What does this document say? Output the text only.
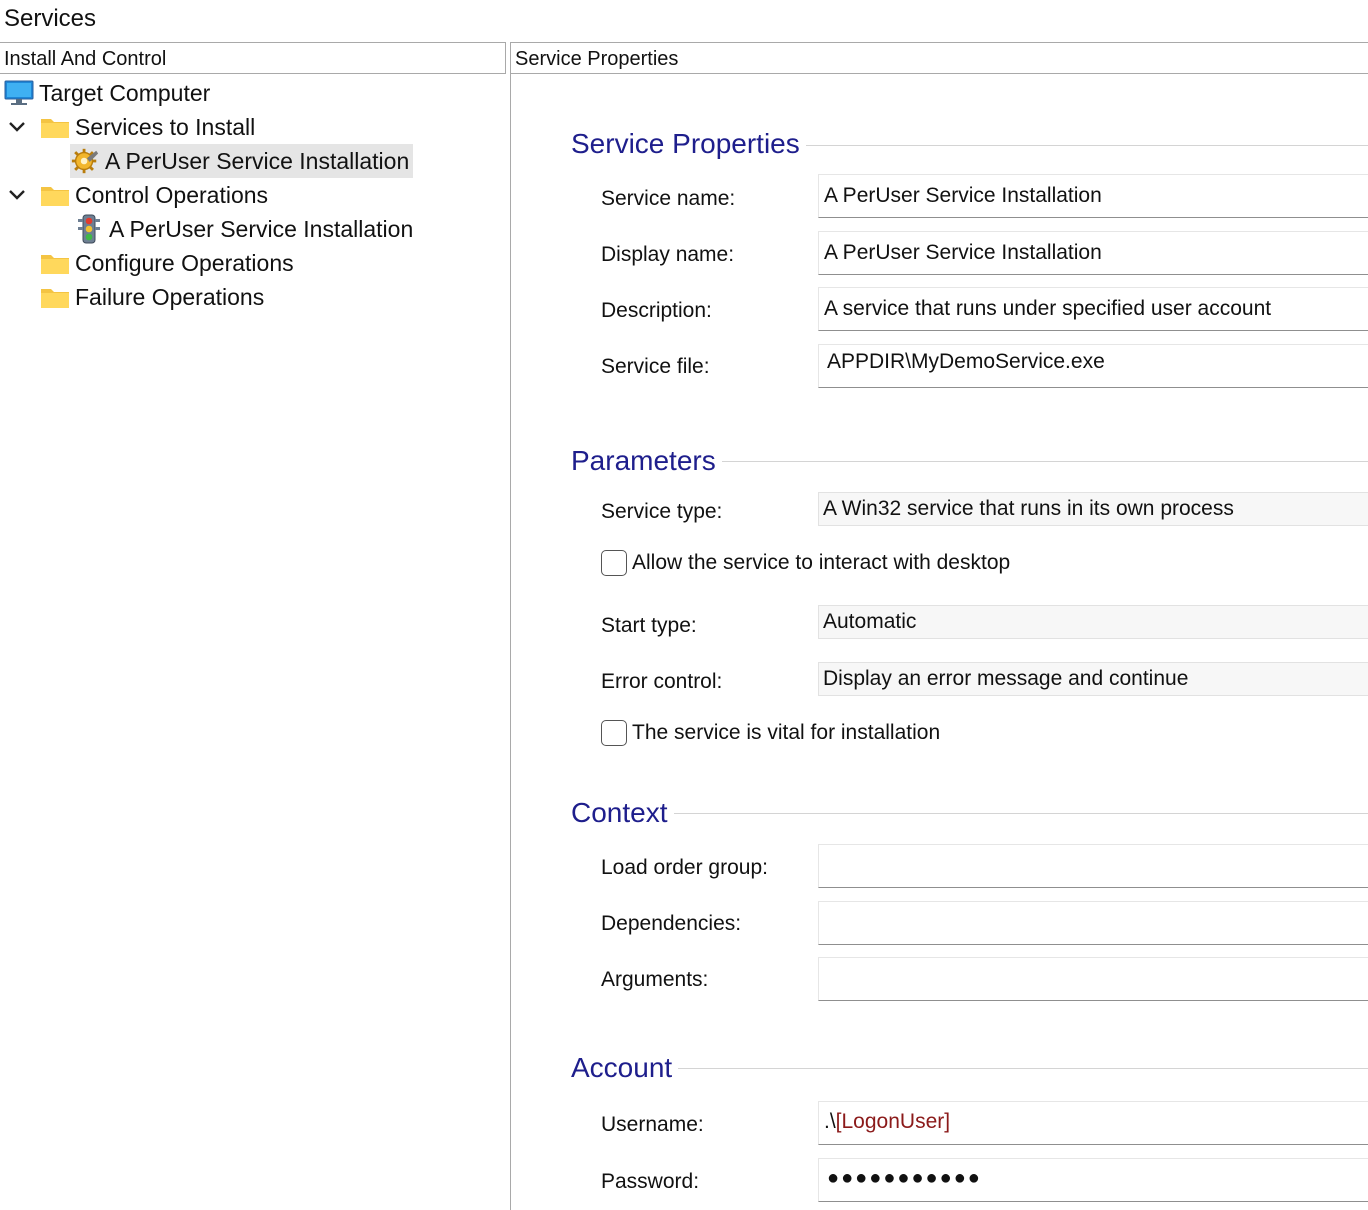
Services
Install And Control
Target Computer
Services to Install
A PerUser Service Installation
Control Operations
A PerUser Service Installation
Configure Operations
Failure Operations
Service Properties
Service Properties
Service name:	A PerUser Service Installation
Display name:	A PerUser Service Installation
Description:	A service that runs under specified user account
Service file:	APPDIR\MyDemoService.exe
Parameters
Service type:	A Win32 service that runs in its own process
Allow the service to interact with desktop
Start type:	Automatic
Error control:	Display an error message and continue
The service is vital for installation
Context
Load order group:
Dependencies:
Arguments:
Account
Username:	.\[LogonUser]
Password:	●●●●●●●●●●●
